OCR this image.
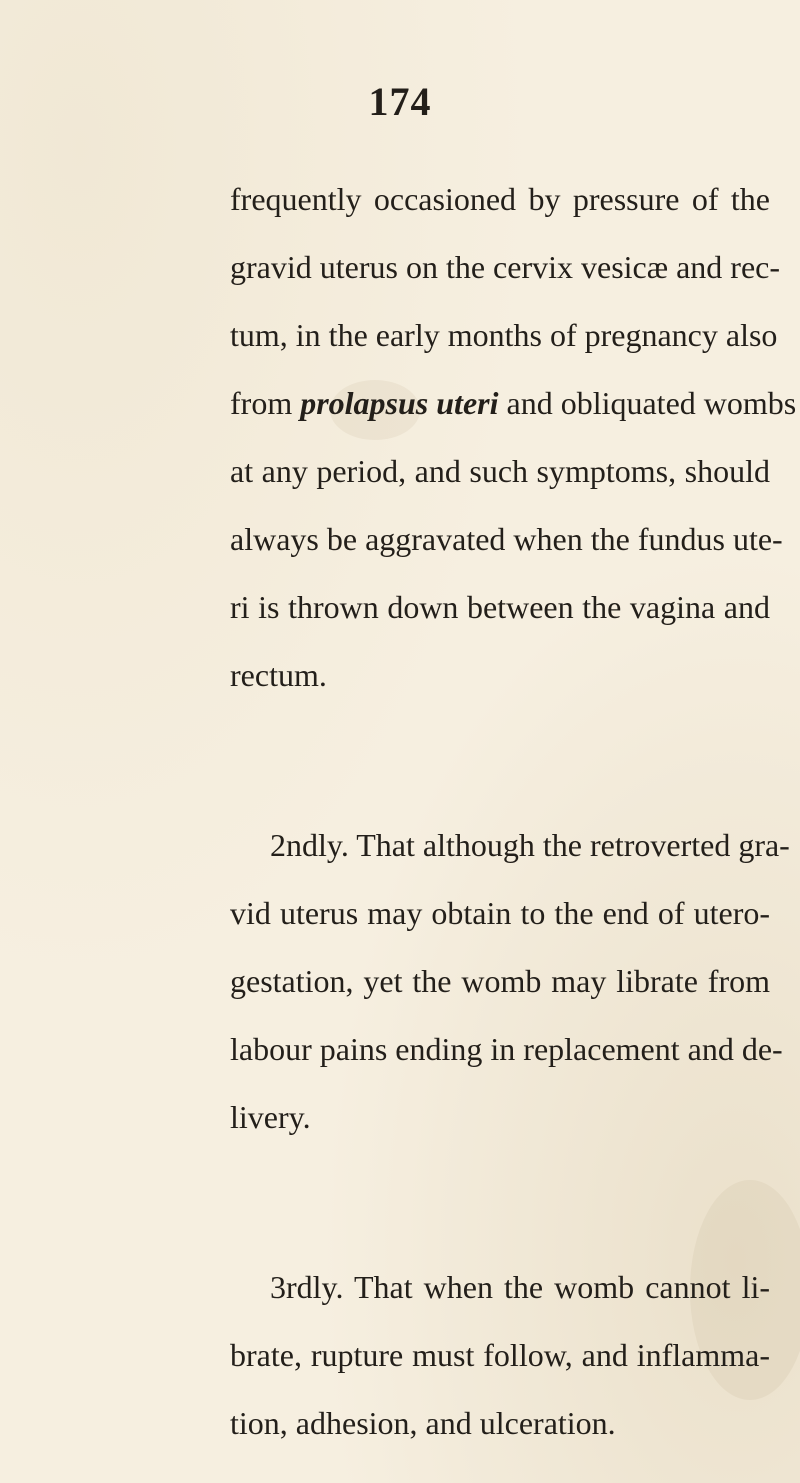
174
frequently occasioned by pressure of the
gravid uterus on the cervix vesicæ and rec-
tum, in the early months of pregnancy also
from prolapsus uteri and obliquated wombs
at any period, and such symptoms, should
always be aggravated when the fundus ute-
ri is thrown down between the vagina and
rectum.
2ndly. That although the retroverted gra-
vid uterus may obtain to the end of utero-
gestation, yet the womb may librate from
labour pains ending in replacement and de-
livery.
3rdly. That when the womb cannot li-
brate, rupture must follow, and inflamma-
tion, adhesion, and ulceration.
